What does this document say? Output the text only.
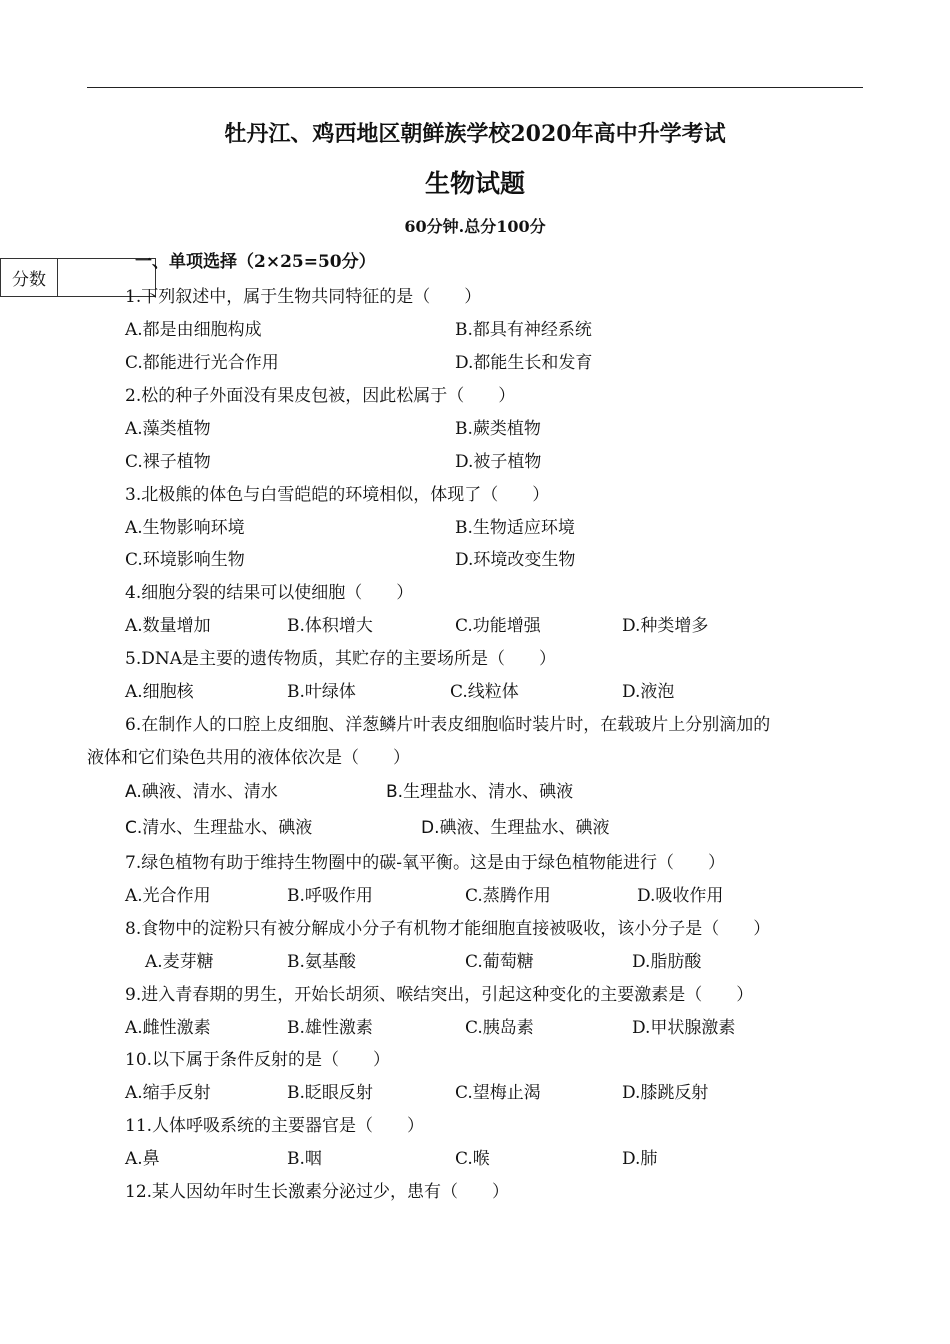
牡丹江、鸡西地区朝鲜族学校2020年高中升学考试
生物试题
60分钟.总分100分
分数
一、单项选择（2×25=50分）
1.下列叙述中，属于生物共同特征的是（　　）
A.都是由细胞构成	B.都具有神经系统
C.都能进行光合作用	D.都能生长和发育
2.松的种子外面没有果皮包被，因此松属于（　　）
A.藻类植物	B.蕨类植物
C.裸子植物	D.被子植物
3.北极熊的体色与白雪皑皑的环境相似，体现了（　　）
A.生物影响环境	B.生物适应环境
C.环境影响生物	D.环境改变生物
4.细胞分裂的结果可以使细胞（　　）
A.数量增加	B.体积增大	C.功能增强	D.种类增多
5.DNA是主要的遗传物质，其贮存的主要场所是（　　）
A.细胞核	B.叶绿体	C.线粒体	D.液泡
6.在制作人的口腔上皮细胞、洋葱鳞片叶表皮细胞临时装片时，在载玻片上分别滴加的
液体和它们染色共用的液体依次是（　　）
A.碘液、清水、清水	B.生理盐水、清水、碘液
C.清水、生理盐水、碘液	D.碘液、生理盐水、碘液
7.绿色植物有助于维持生物圈中的碳-氧平衡。这是由于绿色植物能进行（　　）
A.光合作用	B.呼吸作用	C.蒸腾作用	D.吸收作用
8.食物中的淀粉只有被分解成小分子有机物才能细胞直接被吸收，该小分子是（　　）
A.麦芽糖	B.氨基酸	C.葡萄糖	D.脂肪酸
9.进入青春期的男生，开始长胡须、喉结突出，引起这种变化的主要激素是（　　）
A.雌性激素	B.雄性激素	C.胰岛素	D.甲状腺激素
10.以下属于条件反射的是（　　）
A.缩手反射	B.眨眼反射	C.望梅止渴	D.膝跳反射
11.人体呼吸系统的主要器官是（　　）
A.鼻	B.咽	C.喉	D.肺
12.某人因幼年时生长激素分泌过少，患有（　　）
